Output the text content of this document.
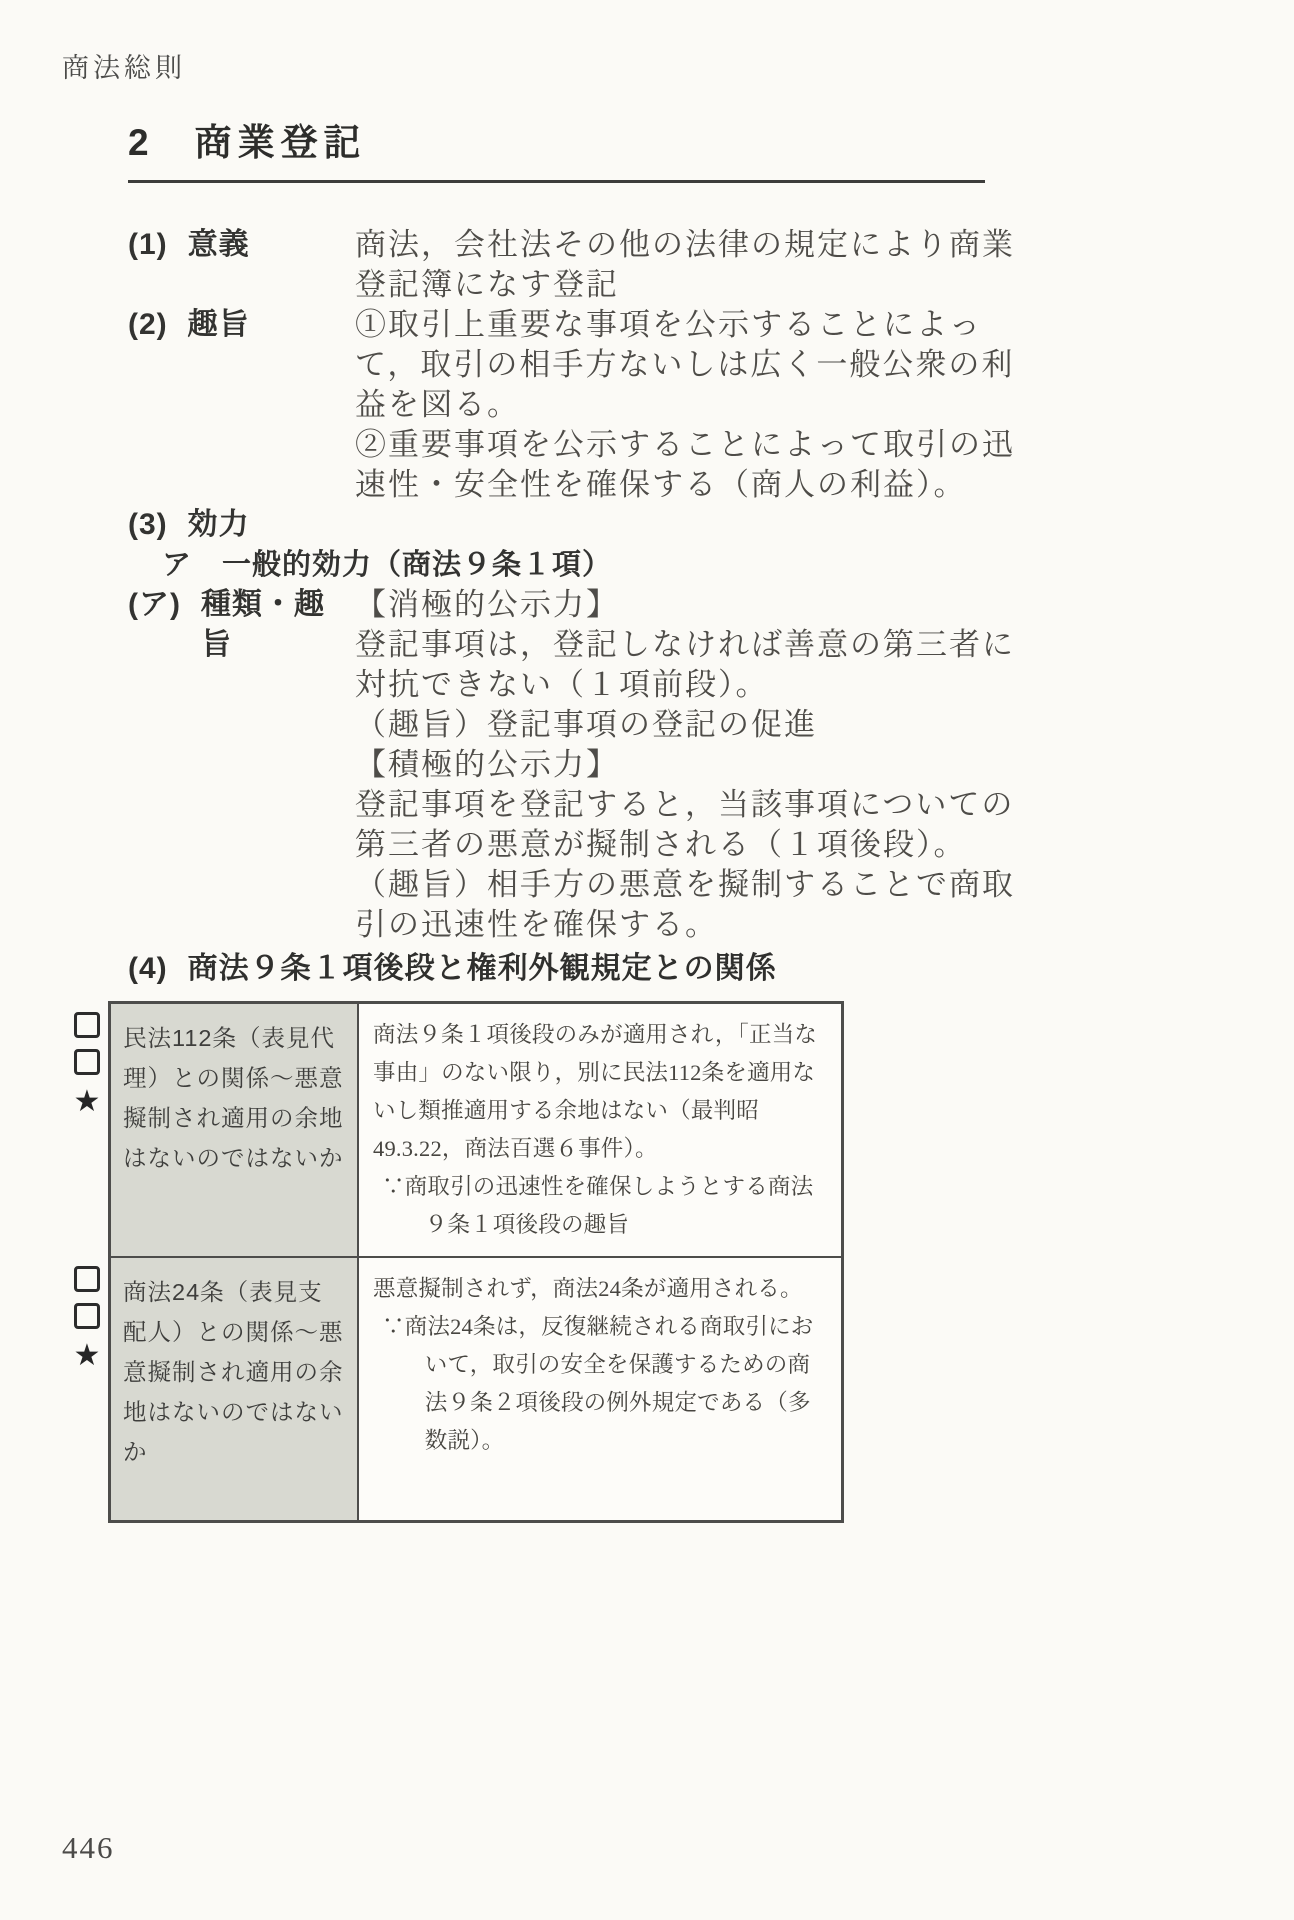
商法総則
2 商業登記
(1) 意義	商法，会社法その他の法律の規定により商業登記簿になす登記

(2) 趣旨	①取引上重要な事項を公示することによって，取引の相手方ないしは広く一般公衆の利益を図る。

②重要事項を公示することによって取引の迅速性・安全性を確保する（商人の利益）。

(3) 効力
ア 一般的効力（商法９条１項）
(ア) 種類・趣旨

【消極的公示力】

登記事項は，登記しなければ善意の第三者に対抗できない（１項前段）。

（趣旨）登記事項の登記の促進

【積極的公示力】

登記事項を登記すると，当該事項についての第三者の悪意が擬制される（１項後段）。

（趣旨）相手方の悪意を擬制することで商取引の迅速性を確保する。

(4) 商法９条１項後段と権利外観規定との関係
★
民法112条（表見代理）との関係～悪意擬制され適用の余地はないのではないか

商法９条１項後段のみが適用され，「正当な事由」のない限り，別に民法112条を適用ないし類推適用する余地はない（最判昭49.3.22，商法百選６事件）。

∵商取引の迅速性を確保しようとする商法９条１項後段の趣旨

★
商法24条（表見支配人）との関係～悪意擬制され適用の余地はないのではないか

悪意擬制されず，商法24条が適用される。

∵商法24条は，反復継続される商取引において，取引の安全を保護するための商法９条２項後段の例外規定である（多数説）。

446
